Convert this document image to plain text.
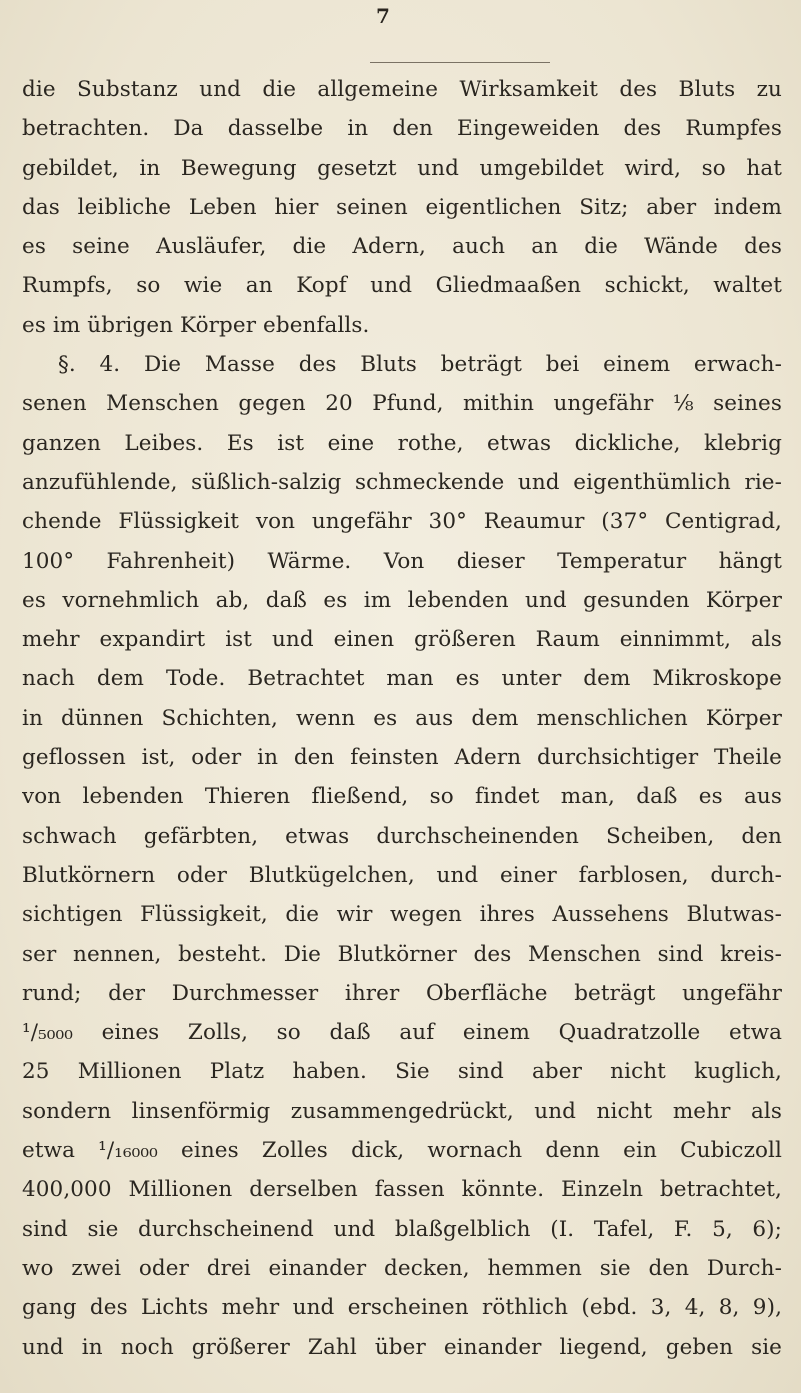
7
die Substanz und die allgemeine Wirksamkeit des Bluts zu
betrachten. Da dasselbe in den Eingeweiden des Rumpfes
gebildet, in Bewegung gesetzt und umgebildet wird, so hat
das leibliche Leben hier seinen eigentlichen Sitz; aber indem
es seine Ausläufer, die Adern, auch an die Wände des
Rumpfs, so wie an Kopf und Gliedmaaßen schickt, waltet
es im übrigen Körper ebenfalls.
§. 4. Die Masse des Bluts beträgt bei einem erwach-
senen Menschen gegen 20 Pfund, mithin ungefähr ⅛ seines
ganzen Leibes. Es ist eine rothe, etwas dickliche, klebrig
anzufühlende, süßlich-salzig schmeckende und eigenthümlich rie-
chende Flüssigkeit von ungefähr 30° Reaumur (37° Centigrad,
100° Fahrenheit) Wärme. Von dieser Temperatur hängt
es vornehmlich ab, daß es im lebenden und gesunden Körper
mehr expandirt ist und einen größeren Raum einnimmt, als
nach dem Tode. Betrachtet man es unter dem Mikroskope
in dünnen Schichten, wenn es aus dem menschlichen Körper
geflossen ist, oder in den feinsten Adern durchsichtiger Theile
von lebenden Thieren fließend, so findet man, daß es aus
schwach gefärbten, etwas durchscheinenden Scheiben, den
Blutkörnern oder Blutkügelchen, und einer farblosen, durch-
sichtigen Flüssigkeit, die wir wegen ihres Aussehens Blutwas-
ser nennen, besteht. Die Blutkörner des Menschen sind kreis-
rund; der Durchmesser ihrer Oberfläche beträgt ungefähr
¹/₅₀₀₀ eines Zolls, so daß auf einem Quadratzolle etwa
25 Millionen Platz haben. Sie sind aber nicht kuglich,
sondern linsenförmig zusammengedrückt, und nicht mehr als
etwa ¹/₁₆₀₀₀ eines Zolles dick, wornach denn ein Cubiczoll
400,000 Millionen derselben fassen könnte. Einzeln betrachtet,
sind sie durchscheinend und blaßgelblich (I. Tafel, F. 5, 6);
wo zwei oder drei einander decken, hemmen sie den Durch-
gang des Lichts mehr und erscheinen röthlich (ebd. 3, 4, 8, 9),
und in noch größerer Zahl über einander liegend, geben sie
